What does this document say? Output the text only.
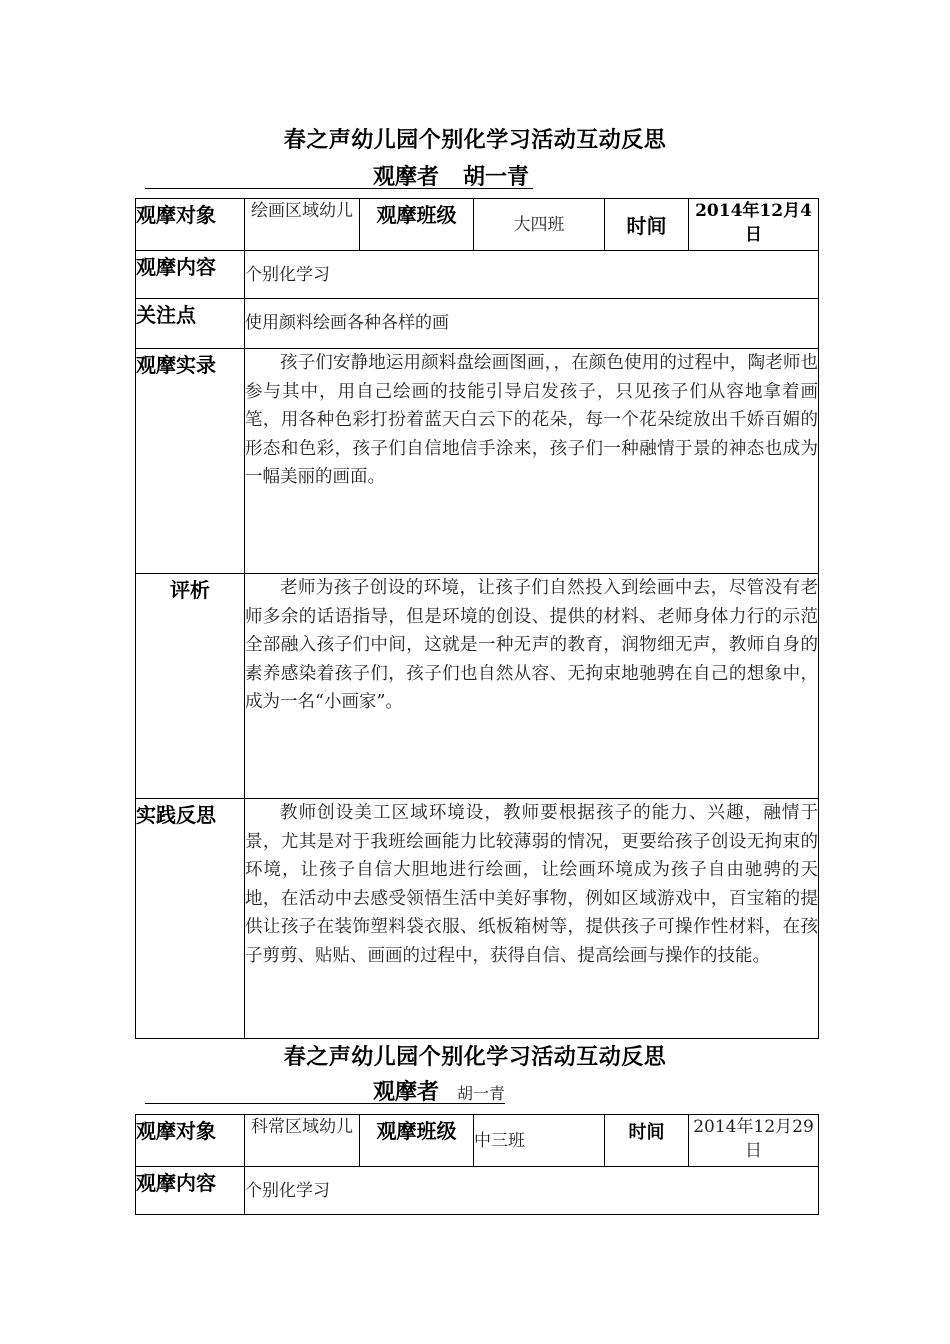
春之声幼儿园个别化学习活动互动反思
观摩者 胡一青
观摩对象	绘画区域幼儿	观摩班级	大四班	时间	2014年12月4日
观摩内容	个别化学习				
关注点	使用颜料绘画各种各样的画				
观摩实录	孩子们安静地运用颜料盘绘画图画，，在颜色使用的过程中，陶老师也参与其中，用自己绘画的技能引导启发孩子，只见孩子们从容地拿着画笔，用各种色彩打扮着蓝天白云下的花朵，每一个花朵绽放出千娇百媚的形态和色彩，孩子们自信地信手涂来，孩子们一种融情于景的神态也成为一幅美丽的画面。				
评析	老师为孩子创设的环境，让孩子们自然投入到绘画中去，尽管没有老师多余的话语指导，但是环境的创设、提供的材料、老师身体力行的示范全部融入孩子们中间，这就是一种无声的教育，润物细无声，教师自身的素养感染着孩子们，孩子们也自然从容、无拘束地驰骋在自己的想象中，成为一名“小画家”。				
实践反思	教师创设美工区域环境设，教师要根据孩子的能力、兴趣，融情于景，尤其是对于我班绘画能力比较薄弱的情况，更要给孩子创设无拘束的环境，让孩子自信大胆地进行绘画，让绘画环境成为孩子自由驰骋的天地，在活动中去感受领悟生活中美好事物，例如区域游戏中，百宝箱的提供让孩子在装饰塑料袋衣服、纸板箱树等，提供孩子可操作性材料，在孩子剪剪、贴贴、画画的过程中，获得自信、提高绘画与操作的技能。				
春之声幼儿园个别化学习活动互动反思
观摩者 胡一青
观摩对象	科常区域幼儿	观摩班级	中三班	时间	2014年12月29日
观摩内容	个别化学习				
